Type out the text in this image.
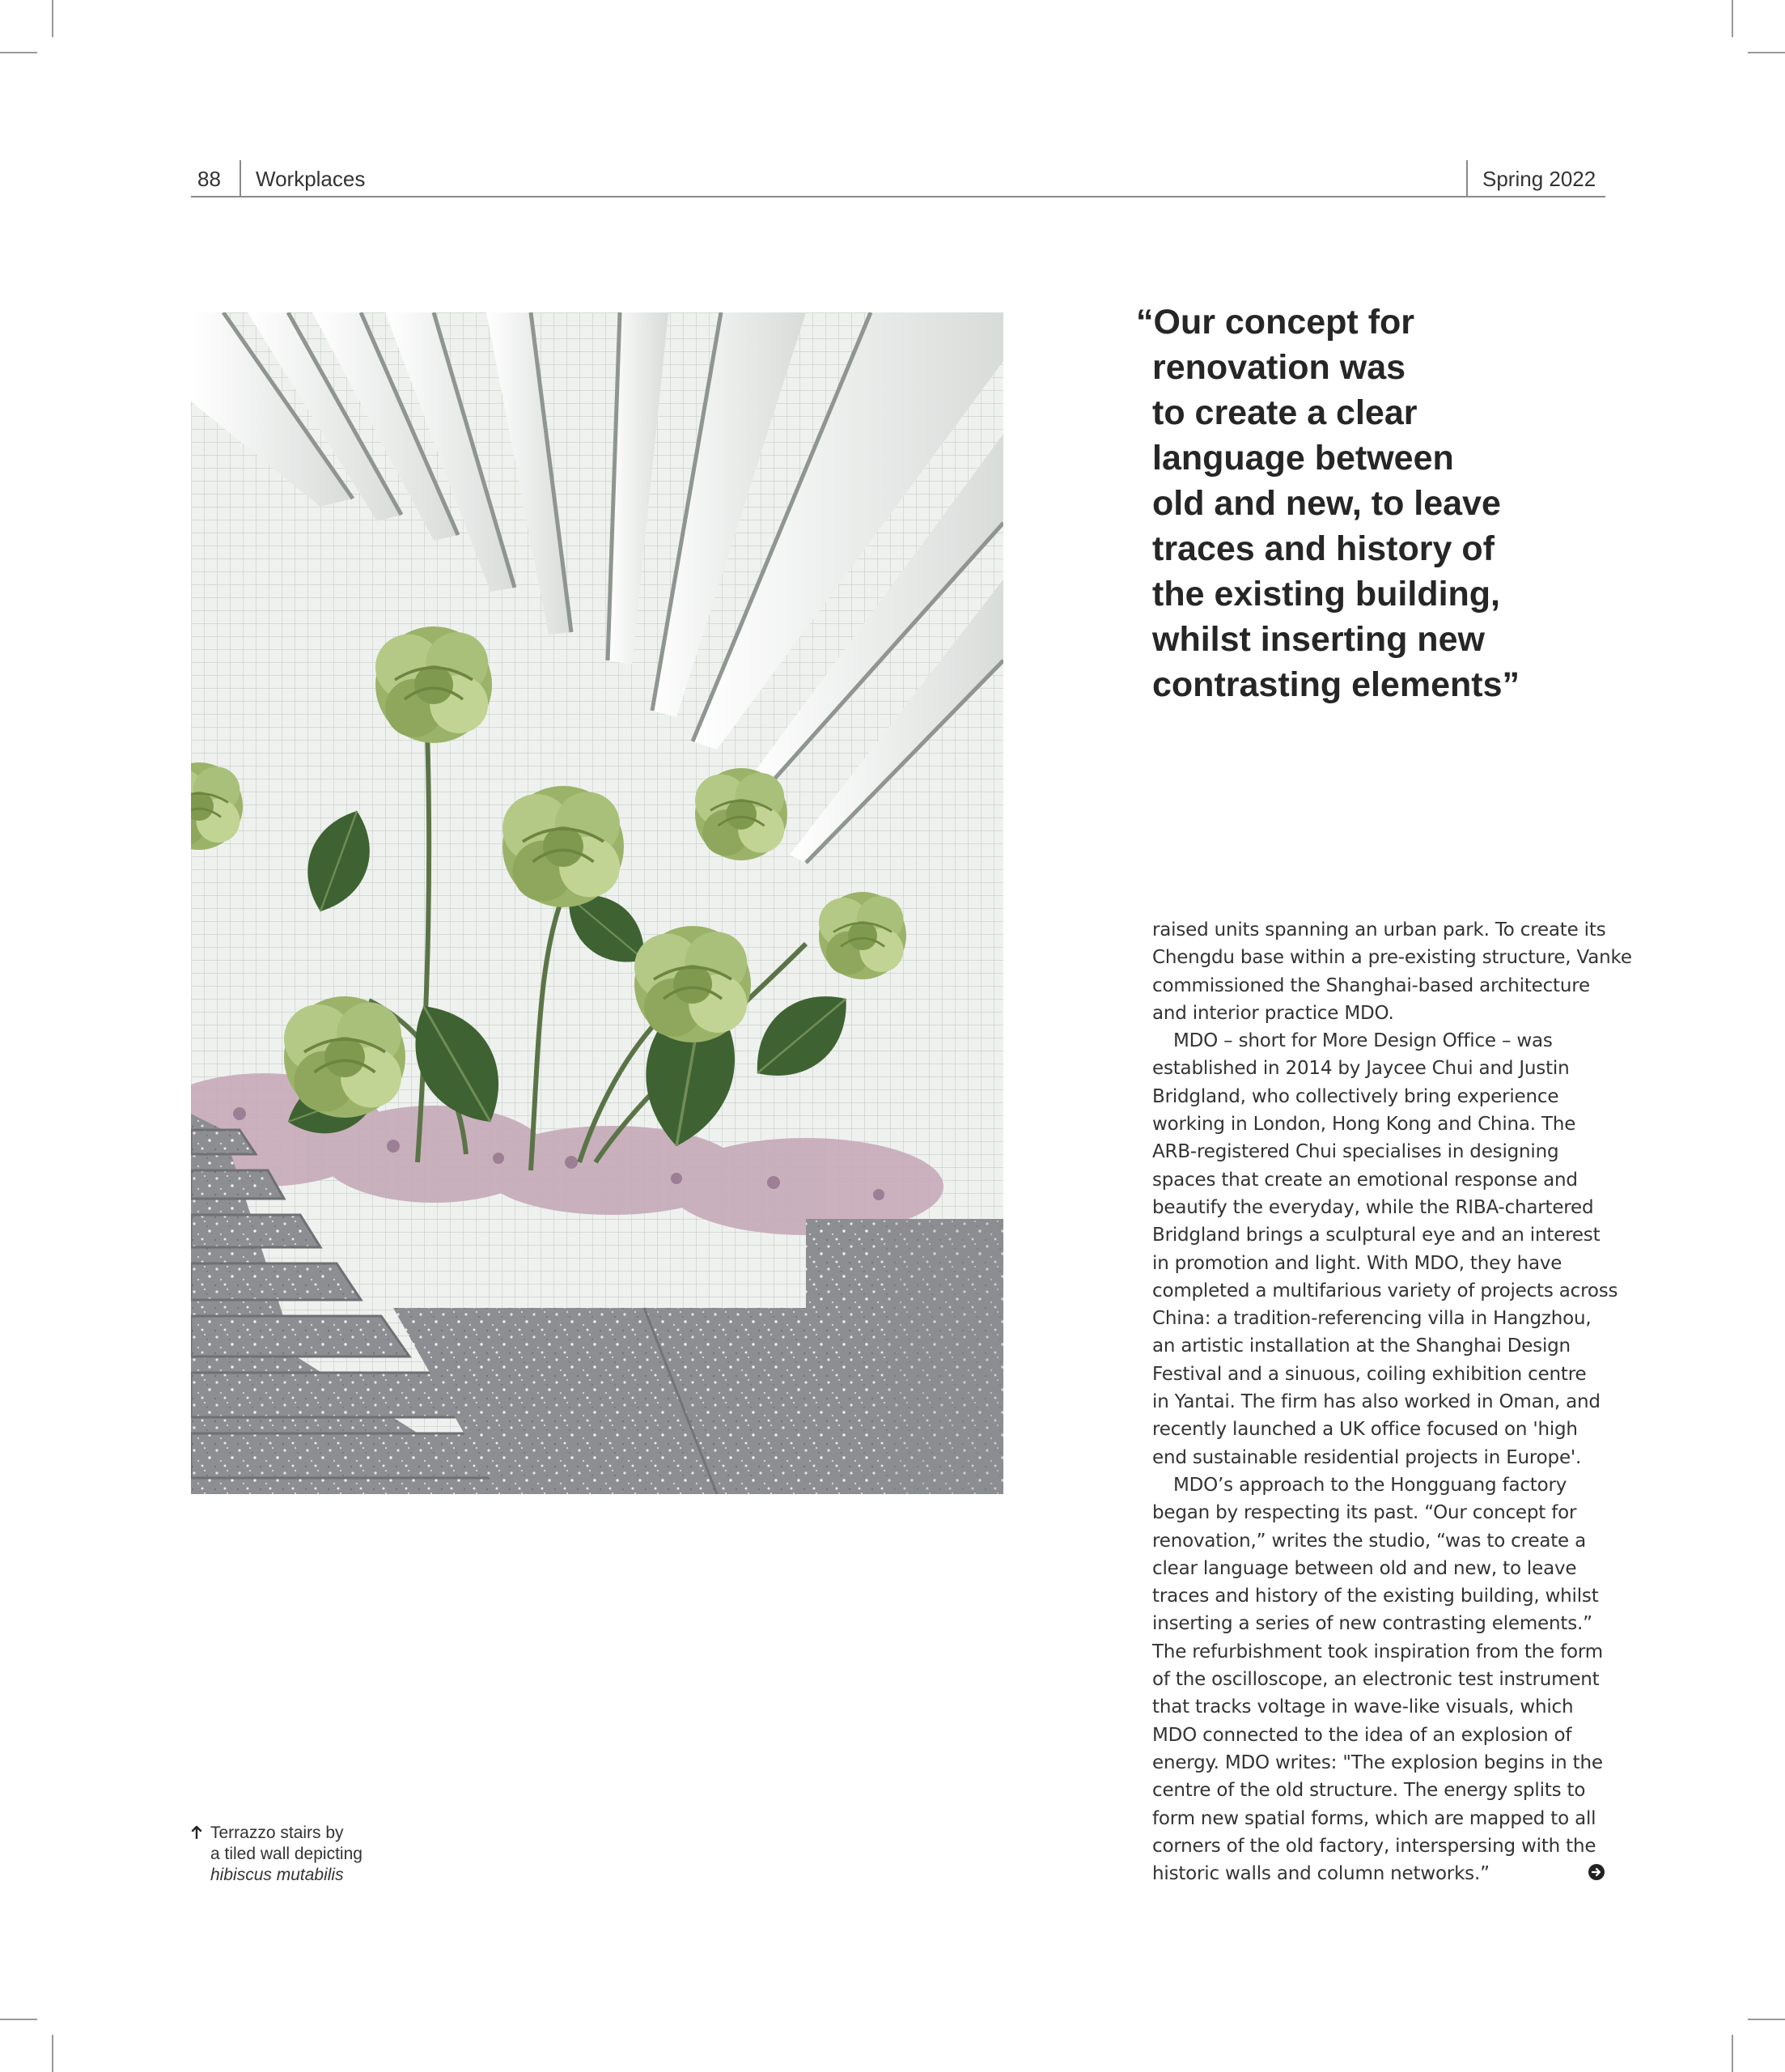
88 Workplaces	Spring 2022
“Our concept for
renovation was
to create a clear
language between
old and new, to leave
traces and history of
the existing building,
whilst inserting new
contrasting elements”
raised units spanning an urban park. To create its
Chengdu base within a pre-existing structure, Vanke
commissioned the Shanghai-based architecture
and interior practice MDO.
MDO – short for More Design Office – was
established in 2014 by Jaycee Chui and Justin
Bridgland, who collectively bring experience
working in London, Hong Kong and China. The
ARB-registered Chui specialises in designing
spaces that create an emotional response and
beautify the everyday, while the RIBA-chartered
Bridgland brings a sculptural eye and an interest
in promotion and light. With MDO, they have
completed a multifarious variety of projects across
China: a tradition-referencing villa in Hangzhou,
an artistic installation at the Shanghai Design
Festival and a sinuous, coiling exhibition centre
in Yantai. The firm has also worked in Oman, and
recently launched a UK office focused on 'high
end sustainable residential projects in Europe'.
MDO’s approach to the Hongguang factory
began by respecting its past. “Our concept for
renovation,” writes the studio, “was to create a
clear language between old and new, to leave
traces and history of the existing building, whilst
inserting a series of new contrasting elements.”
The refurbishment took inspiration from the form
of the oscilloscope, an electronic test instrument
that tracks voltage in wave-like visuals, which
MDO connected to the idea of an explosion of
energy. MDO writes: "The explosion begins in the
centre of the old structure. The energy splits to
form new spatial forms, which are mapped to all
corners of the old factory, interspersing with the
historic walls and column networks.”
Terrazzo stairs by
a tiled wall depicting
hibiscus mutabilis
